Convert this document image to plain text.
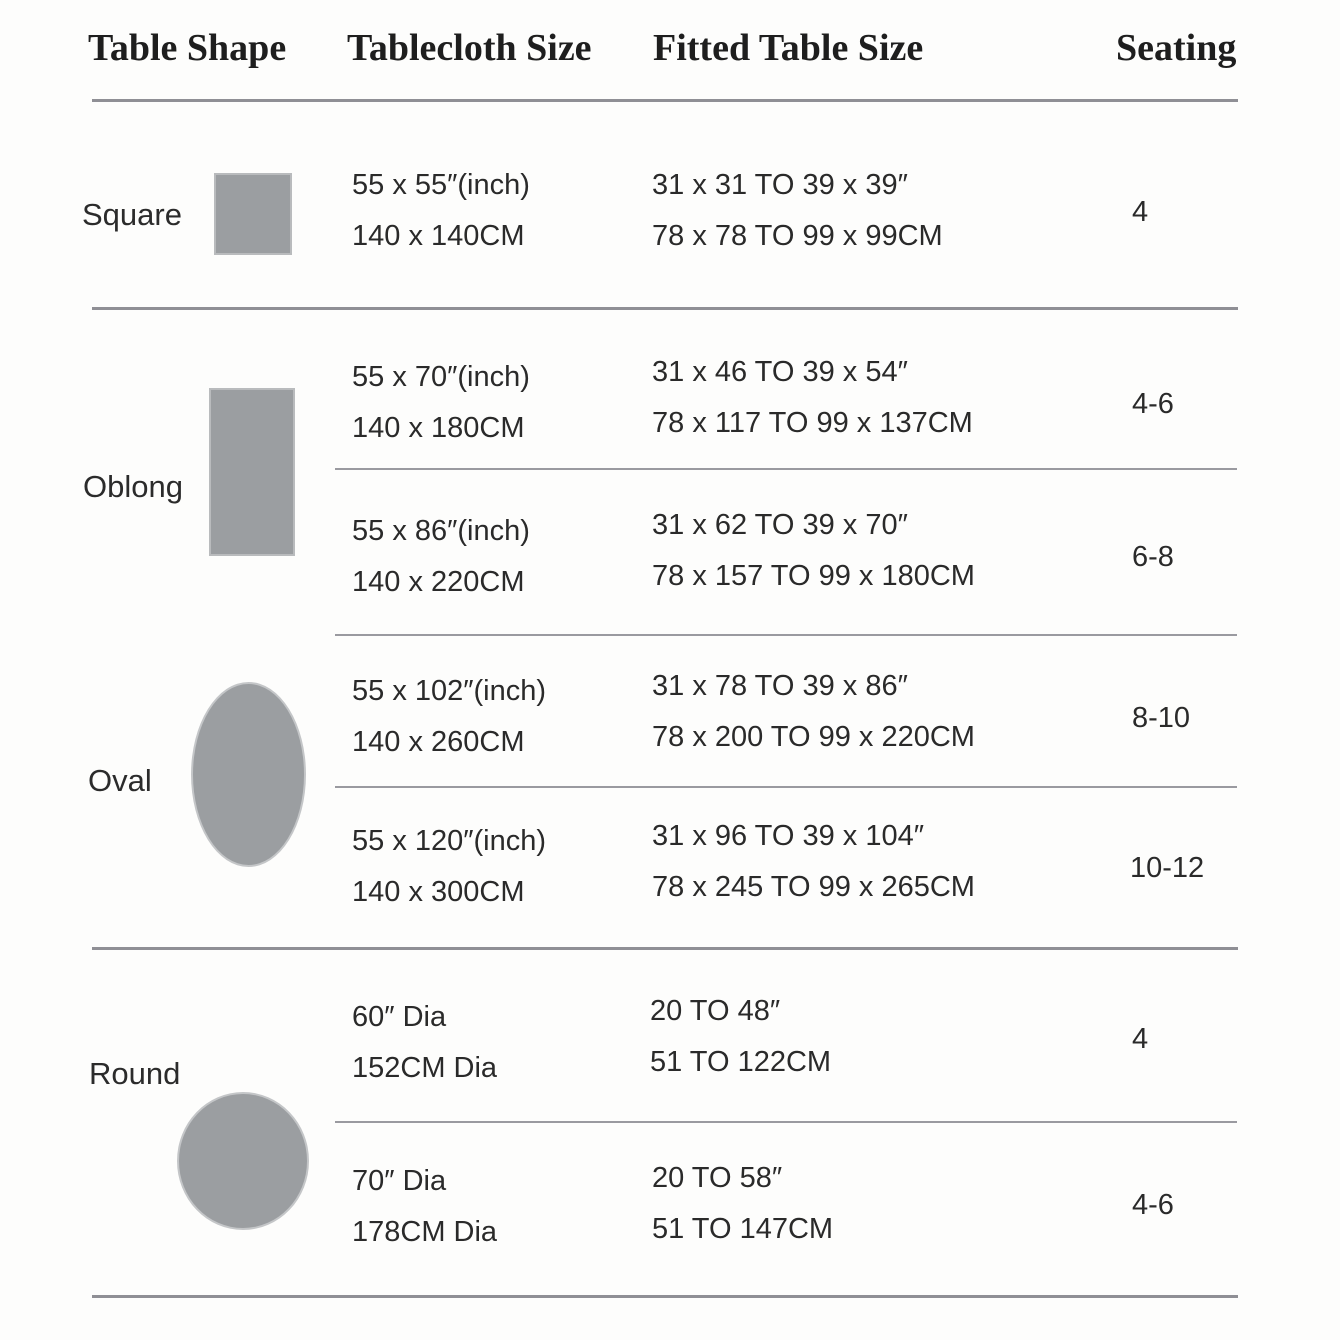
Table Shape Tablecloth Size Fitted Table Size	Seating
Square
55 x 55″(inch)
140 x 140CM
31 x 31 TO 39 x 39″
78 x 78 TO 99 x 99CM
4
Oblong
55 x 70″(inch)
140 x 180CM
31 x 46 TO 39 x 54″
78 x 117 TO 99 x 137CM
4-6
55 x 86″(inch)
140 x 220CM
31 x 62 TO 39 x 70″
78 x 157 TO 99 x 180CM
6-8
Oval
55 x 102″(inch)
140 x 260CM
31 x 78 TO 39 x 86″
78 x 200 TO 99 x 220CM
8-10
55 x 120″(inch)
140 x 300CM
31 x 96 TO 39 x 104″
78 x 245 TO 99 x 265CM
10-12
Round
60″ Dia
152CM Dia
20 TO 48″
51 TO 122CM
4
70″ Dia
178CM Dia
20 TO 58″
51 TO 147CM
4-6
